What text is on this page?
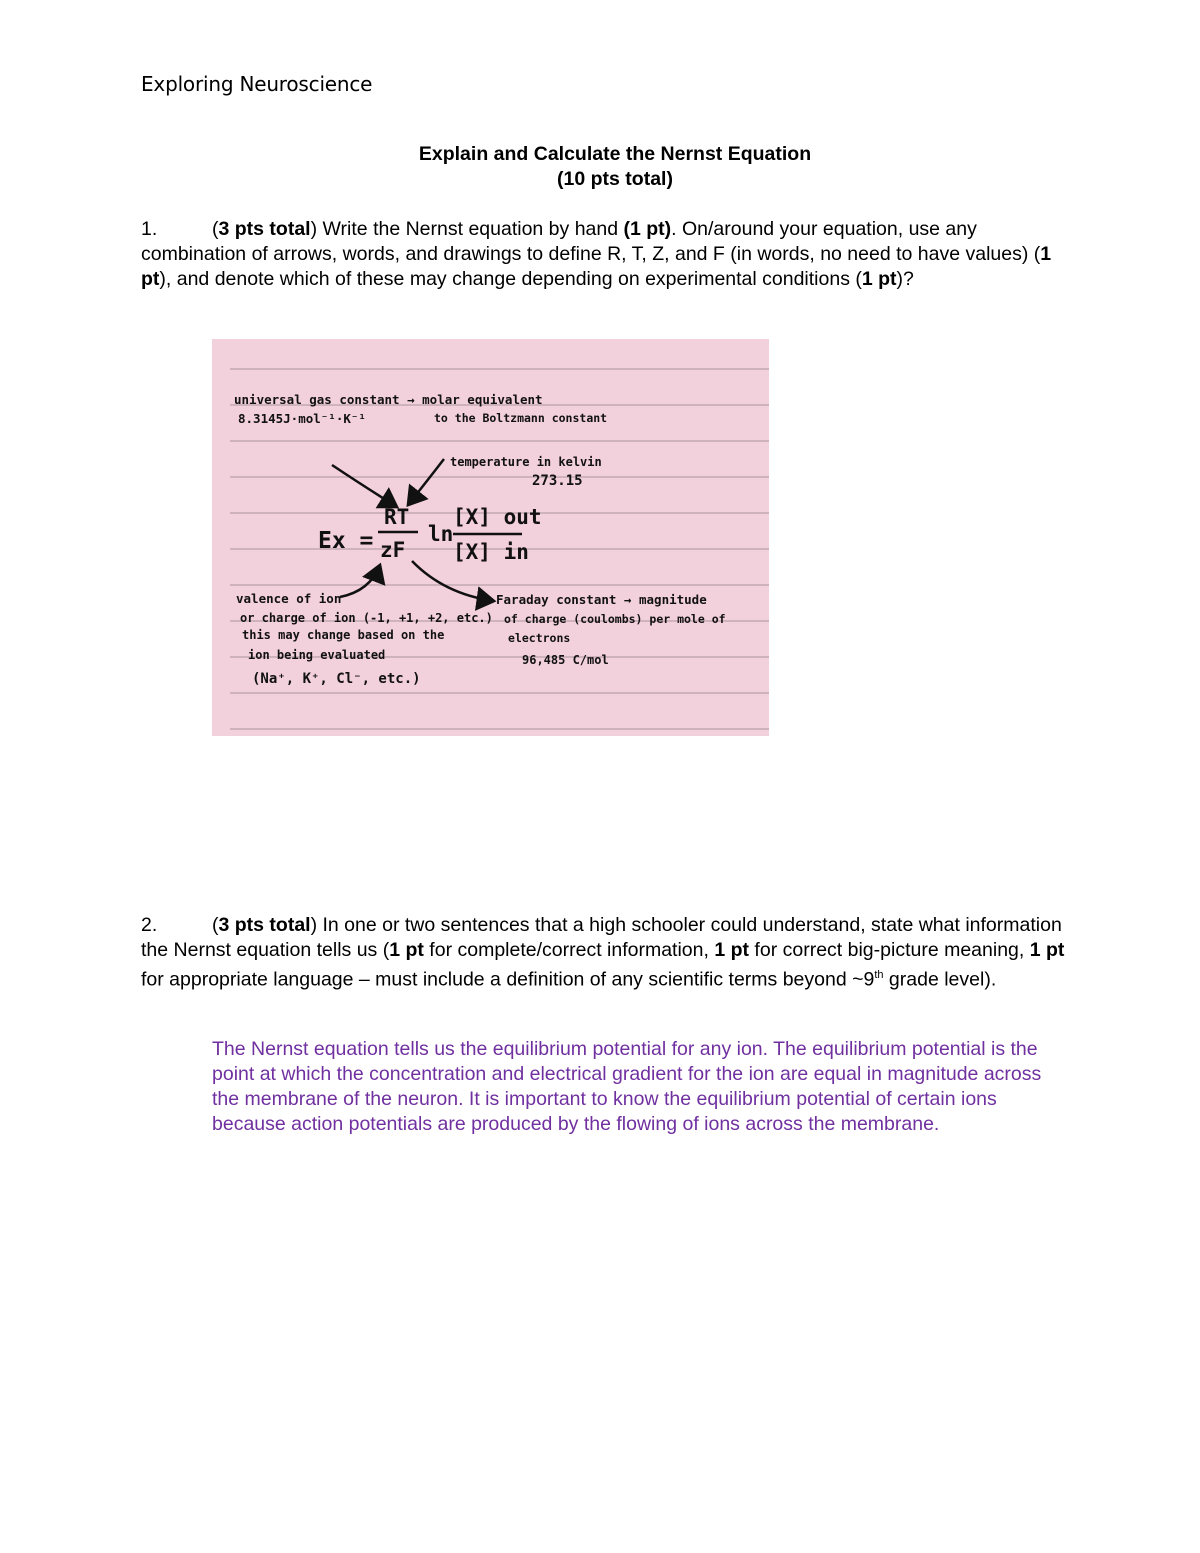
Exploring Neuroscience
Explain and Calculate the Nernst Equation
(10 pts total)
1.	(3 pts total) Write the Nernst equation by hand (1 pt). On/around your equation, use any combination of arrows, words, and drawings to define R, T, Z, and F (in words, no need to have values) (1 pt), and denote which of these may change depending on experimental conditions (1 pt)?
universal gas constant → molar equivalent
8.3145J·mol⁻¹·K⁻¹	to the Boltzmann constant
temperature in kelvin
273.15
Ex =
RT
zF
ln
[X] out
[X] in
valence of ion
or charge of ion (-1, +1, +2, etc.)
this may change based on the
ion being evaluated
(Na⁺, K⁺, Cl⁻, etc.)
Faraday constant → magnitude
of charge (coulombs) per mole of
electrons
96,485 C/mol
2.	(3 pts total) In one or two sentences that a high schooler could understand, state what information the Nernst equation tells us (1 pt for complete/correct information, 1 pt for correct big-picture meaning, 1 pt for appropriate language – must include a definition of any scientific terms beyond ~9th grade level).
The Nernst equation tells us the equilibrium potential for any ion. The equilibrium potential is the point at which the concentration and electrical gradient for the ion are equal in magnitude across the membrane of the neuron. It is important to know the equilibrium potential of certain ions because action potentials are produced by the flowing of ions across the membrane.
